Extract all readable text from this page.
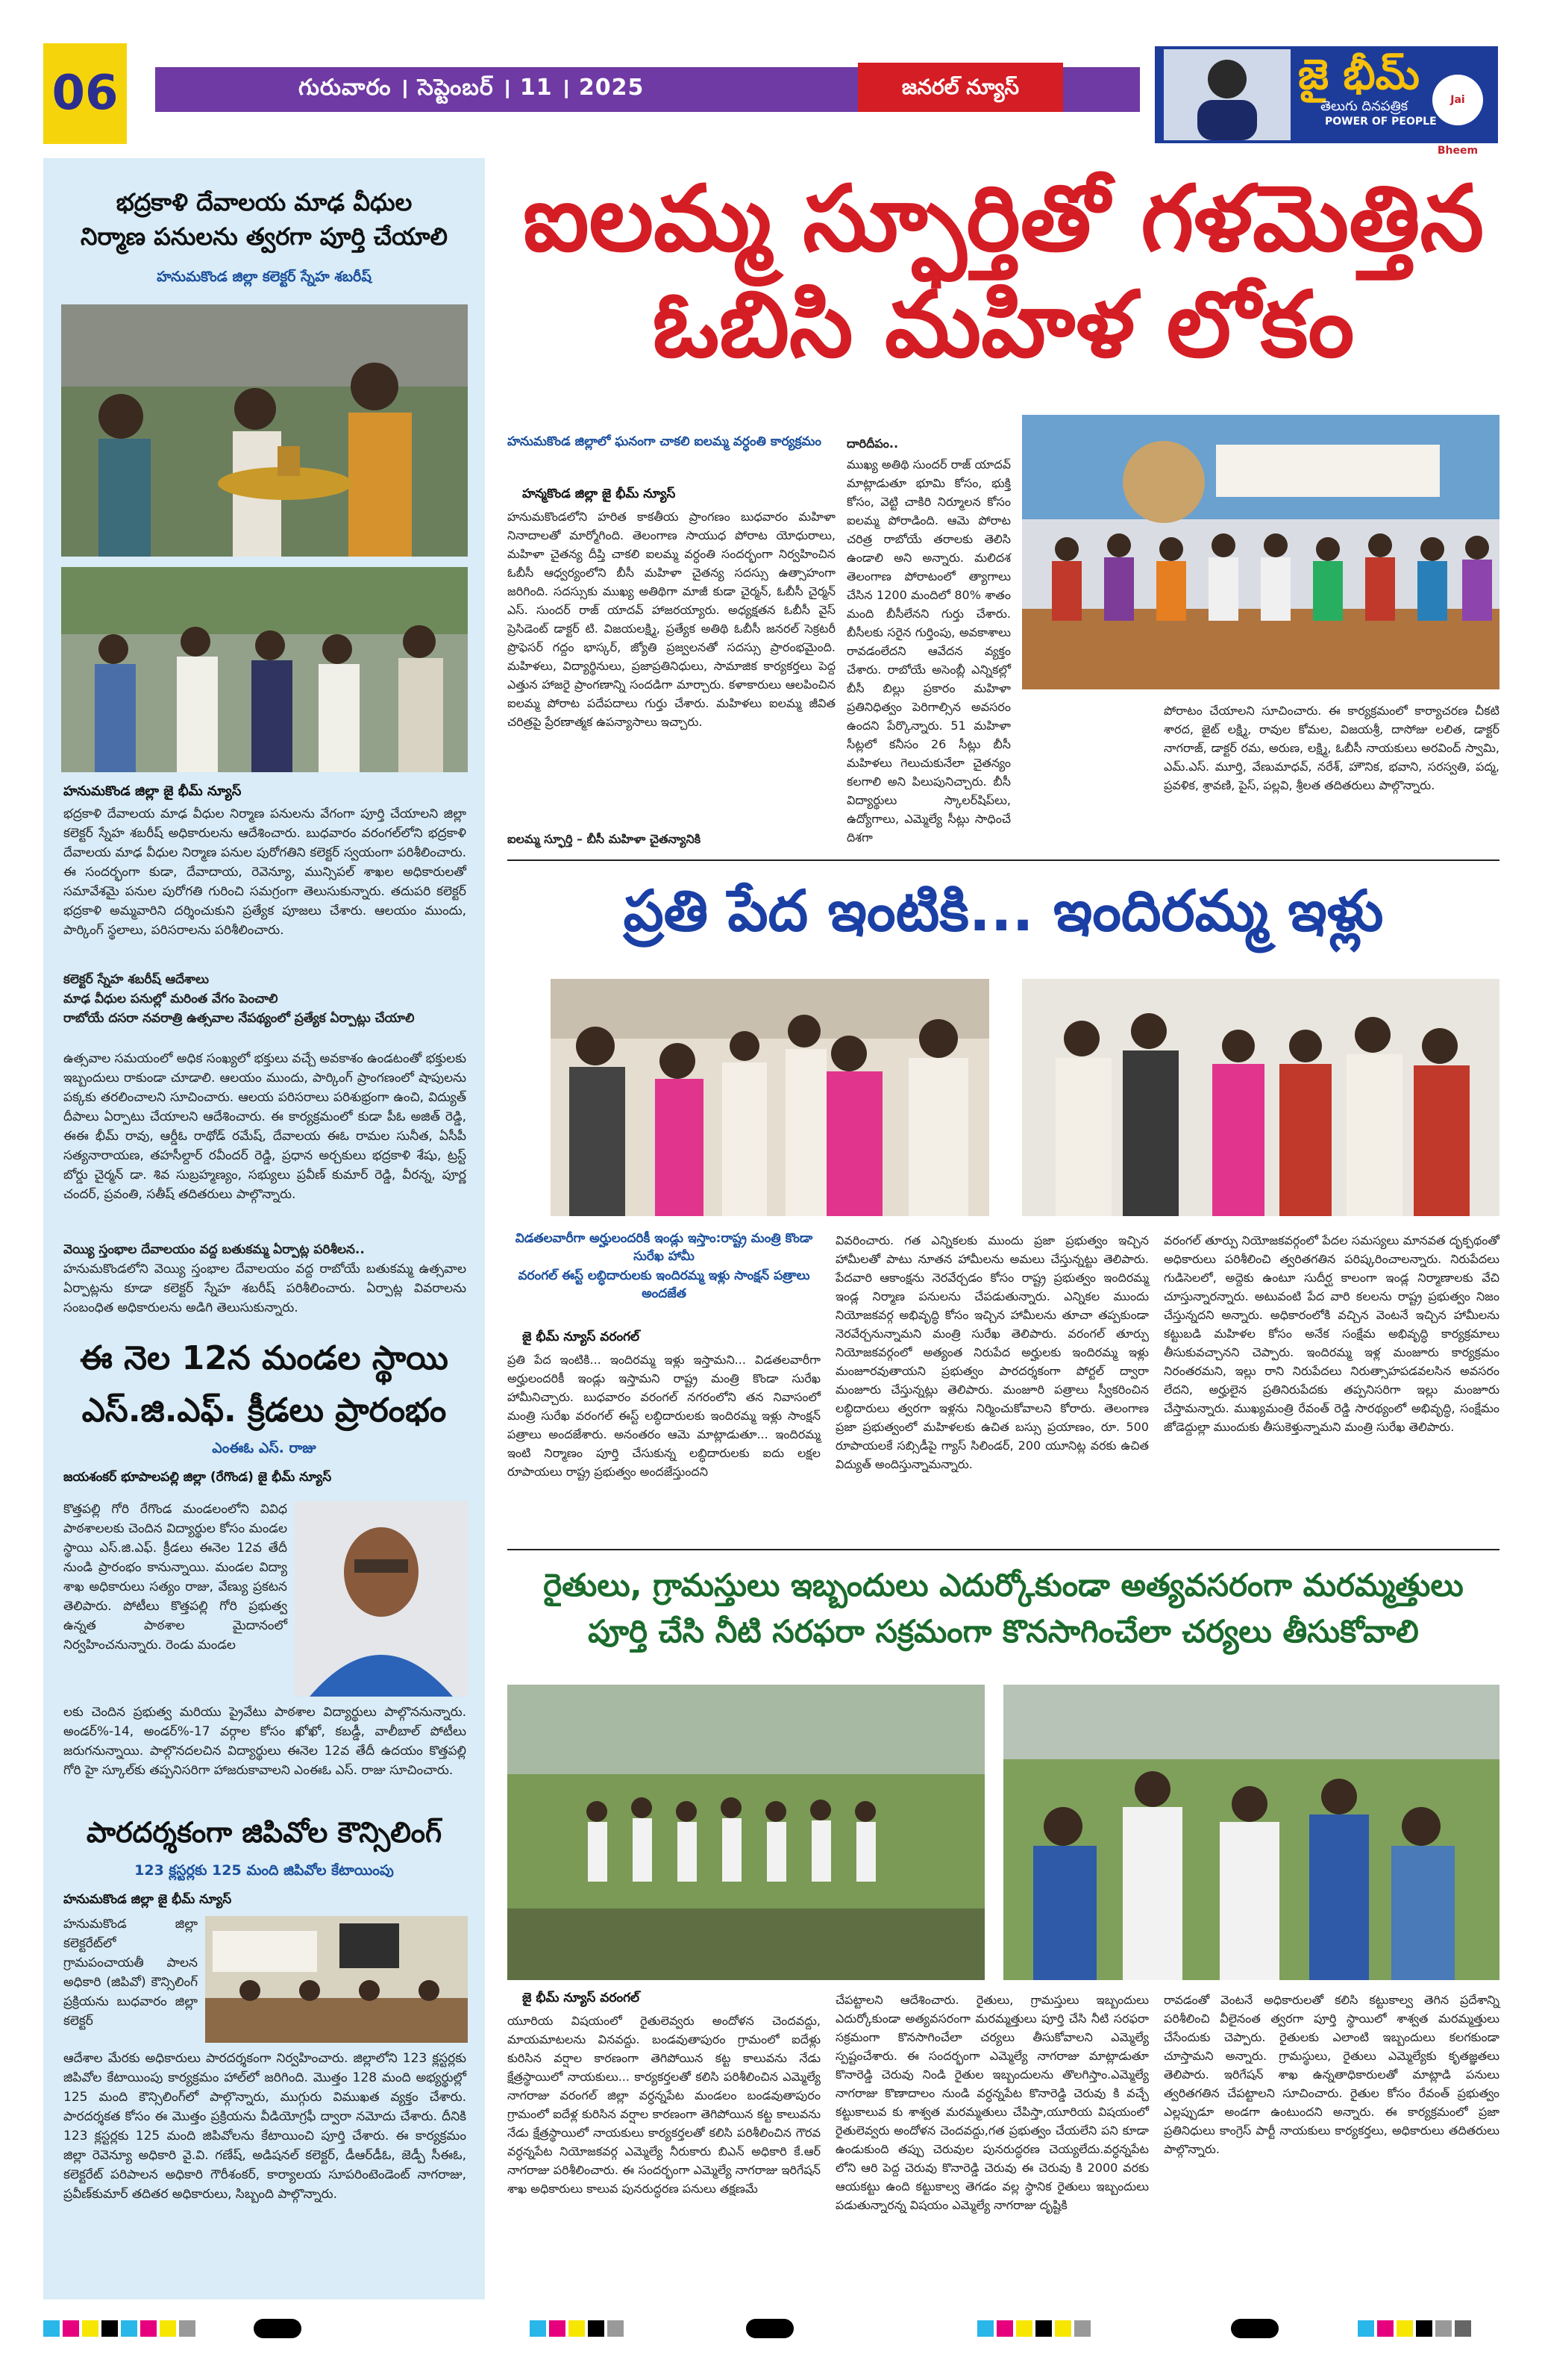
06	గురువారం । సెప్టెంబర్ । 11 । 2025	జనరల్ న్యూస్	జై భీమ్
POWER OF PEOPLE
తెలుగు దినపత్రిక	Jai Bheem
భద్రకాళి దేవాలయ మాఢ వీధుల
నిర్మాణ పనులను త్వరగా పూర్తి చేయాలి
హనుమకొండ జిల్లా కలెక్టర్ స్నేహ శబరీష్
హనుమకొండ జిల్లా జై భీమ్ న్యూస్
భద్రకాళి దేవాలయ మాఢ వీధుల నిర్మాణ పనులను వేగంగా పూర్తి చేయాలని జిల్లా కలెక్టర్ స్నేహ శబరీష్ అధికారులను ఆదేశించారు. బుధవారం వరంగల్‌లోని భద్రకాళి దేవాలయ మాఢ వీధుల నిర్మాణ పనుల పురోగతిని కలెక్టర్ స్వయంగా పరిశీలించారు. ఈ సందర్భంగా కుడా, దేవాదాయ, రెవెన్యూ, మున్సిపల్ శాఖల అధికారులతో సమావేశమై పనుల పురోగతి గురించి సమగ్రంగా తెలుసుకున్నారు. తదుపరి కలెక్టర్ భద్రకాళి అమ్మవారిని దర్శించుకుని ప్రత్యేక పూజలు చేశారు. ఆలయం ముందు, పార్కింగ్ స్థలాలు, పరిసరాలను పరిశీలించారు.
కలెక్టర్ స్నేహ శబరీష్ ఆదేశాలు
మాఢ వీధుల పనుల్లో మరింత వేగం పెంచాలి
రాబోయే దసరా నవరాత్రి ఉత్సవాల నేపథ్యంలో ప్రత్యేక ఏర్పాట్లు చేయాలి
ఉత్సవాల సమయంలో అధిక సంఖ్యలో భక్తులు వచ్చే అవకాశం ఉండటంతో భక్తులకు ఇబ్బందులు రాకుండా చూడాలి. ఆలయం ముందు, పార్కింగ్ ప్రాంగణంలో షాపులను పక్కకు తరలించాలని సూచించారు. ఆలయ పరిసరాలు పరిశుభ్రంగా ఉంచి, విద్యుత్ దీపాలు ఏర్పాటు చేయాలని ఆదేశించారు. ఈ కార్యక్రమంలో కుడా పీఓ అజిత్ రెడ్డి, ఈఈ భీమ్ రావు, ఆర్డీఓ రాథోడ్ రమేష్, దేవాలయ ఈఓ రామల సునీత, ఏసీపీ సత్యనారాయణ, తహసీల్దార్ రవీందర్ రెడ్డి, ప్రధాన అర్చకులు భద్రకాళి శేషు, ట్రస్ట్ బోర్డు చైర్మన్ డా. శివ సుబ్రహ్మణ్యం, సభ్యులు ప్రవీణ్ కుమార్ రెడ్డి, వీరన్న, పూర్ణ చందర్, ప్రవంతి, సతీష్ తదితరులు పాల్గొన్నారు.
వెయ్యి స్తంభాల దేవాలయం వద్ద బతుకమ్మ ఏర్పాట్ల పరిశీలన..
హనుమకొండలోని వెయ్యి స్తంభాల దేవాలయం వద్ద రాబోయే బతుకమ్మ ఉత్సవాల ఏర్పాట్లను కూడా కలెక్టర్ స్నేహ శబరీష్ పరిశీలించారు. ఏర్పాట్ల వివరాలను సంబంధిత అధికారులను అడిగి తెలుసుకున్నారు.
ఈ నెల 12న మండల స్థాయి
ఎస్.జి.ఎఫ్. క్రీడలు ప్రారంభం
ఎంఈఓ ఎస్. రాజు
జయశంకర్ భూపాలపల్లి జిల్లా (రేగొండ) జై భీమ్ న్యూస్
కొత్తపల్లి గోరి రేగొండ మండలంలోని వివిధ పాఠశాలలకు చెందిన విద్యార్థుల కోసం మండల స్థాయి ఎస్.జి.ఎఫ్. క్రీడలు ఈనెల 12వ తేదీ నుండి ప్రారంభం కానున్నాయి. మండల విద్యా శాఖ అధికారులు సత్యం రాజు, వేణ్యు ప్రకటన తెలిపారు. పోటీలు కొత్తపల్లి గోరి ప్రభుత్వ ఉన్నత పాఠశాల మైదానంలో నిర్వహించనున్నారు. రెండు మండల
లకు చెందిన ప్రభుత్వ మరియు ప్రైవేటు పాఠశాల విద్యార్థులు పాల్గొననున్నారు. అండర్%-14, అండర్%-17 వర్గాల కోసం ఖోఖో, కబడ్డీ, వాలీబాల్ పోటీలు జరుగనున్నాయి. పాల్గొనదలచిన విద్యార్థులు ఈనెల 12వ తేదీ ఉదయం కొత్తపల్లి గోరి హై స్కూల్‌కు తప్పనిసరిగా హాజరుకావాలని ఎంఈఓ ఎస్. రాజు సూచించారు.
పారదర్శకంగా జిపివోల కౌన్సిలింగ్
123 క్లస్టర్లకు 125 మంది జిపివోల కేటాయింపు
హనుమకొండ జిల్లా జై భీమ్ న్యూస్
హనుమకొండ జిల్లా కలెక్టరేట్‌లో గ్రామపంచాయతీ పాలన అధికారి (జిపివో) కౌన్సిలింగ్ ప్రక్రియను బుధవారం జిల్లా కలెక్టర్
ఆదేశాల మేరకు అధికారులు పారదర్శకంగా నిర్వహించారు. జిల్లాలోని 123 క్లస్టర్లకు జిపివోల కేటాయింపు కార్యక్రమం హాల్‌లో జరిగింది. మొత్తం 128 మంది అభ్యర్థుల్లో 125 మంది కౌన్సిలింగ్‌లో పాల్గొన్నారు, ముగ్గురు విముఖత వ్యక్తం చేశారు. పారదర్శకత కోసం ఈ మొత్తం ప్రక్రియను వీడియోగ్రఫీ ద్వారా నమోదు చేశారు. దీనికి 123 క్లస్టర్లకు 125 మంది జిపివోలను కేటాయించి పూర్తి చేశారు. ఈ కార్యక్రమం జిల్లా రెవెన్యూ అధికారి వై.వి. గణేష్, అడిషనల్ కలెక్టర్, డీఆర్‌డీఓ, జెడ్పీ సీఈఓ, కలెక్టరేట్ పరిపాలన అధికారి గౌరీశంకర్, కార్యాలయ సూపరింటెండెంట్ నాగరాజు, ప్రవీణ్‌కుమార్ తదితర అధికారులు, సిబ్బంది పాల్గొన్నారు.
ఐలమ్మ స్ఫూర్తితో గళమెత్తిన
ఓబిసి మహిళ లోకం
హనుమకొండ జిల్లాలో ఘనంగా చాకలి ఐలమ్మ వర్ధంతి కార్యక్రమం
హన్మకొండ జిల్లా జై భీమ్ న్యూస్
హనుమకొండలోని హరిత కాకతీయ ప్రాంగణం బుధవారం మహిళా నినాదాలతో మార్మోగింది. తెలంగాణ సాయుధ పోరాట యోధురాలు, మహిళా చైతన్య దీప్తి చాకలి ఐలమ్మ వర్ధంతి సందర్భంగా నిర్వహించిన ఓబీసీ ఆధ్వర్యంలోని బీసీ మహిళా చైతన్య సదస్సు ఉత్సాహంగా జరిగింది. సదస్సుకు ముఖ్య అతిథిగా మాజీ కుడా చైర్మన్, ఓబీసీ చైర్మన్ ఎస్. సుందర్ రాజ్ యాదవ్ హాజరయ్యారు. అధ్యక్షతన ఓబీసీ వైస్ ప్రెసిడెంట్ డాక్టర్ టి. విజయలక్ష్మి, ప్రత్యేక అతిథి ఓబీసీ జనరల్ సెక్రటరీ ప్రొఫెసర్ గద్దం భాస్కర్, జ్యోతి ప్రజ్వలనతో సదస్సు ప్రారంభమైంది. మహిళలు, విద్యార్థినులు, ప్రజాప్రతినిధులు, సామాజిక కార్యకర్తలు పెద్ద ఎత్తున హాజరై ప్రాంగణాన్ని సందడిగా మార్చారు. కళాకారులు ఆలపించిన ఐలమ్మ పోరాట పదేపదాలు గుర్తు చేశారు. మహిళలు ఐలమ్మ జీవిత చరిత్రపై ప్రేరణాత్మక ఉపన్యాసాలు ఇచ్చారు.
ఐలమ్మ స్ఫూర్తి – బీసీ మహిళా చైతన్యానికి
దారిదీపం..
ముఖ్య అతిథి సుందర్ రాజ్ యాదవ్ మాట్లాడుతూ భూమి కోసం, భుక్తి కోసం, వెట్టి చాకిరి నిర్మూలన కోసం ఐలమ్మ పోరాడింది. ఆమె పోరాట చరిత్ర రాబోయే తరాలకు తెలిసి ఉండాలి అని అన్నారు. మలిదశ తెలంగాణ పోరాటంలో త్యాగాలు చేసిన 1200 మందిలో 80% శాతం మంది బీసీలేనని గుర్తు చేశారు. బీసీలకు సరైన గుర్తింపు, అవకాశాలు రావడంలేదని ఆవేదన వ్యక్తం చేశారు. రాబోయే అసెంబ్లీ ఎన్నికల్లో బీసీ బిల్లు ప్రకారం మహిళా ప్రతినిధిత్వం పెరిగాల్సిన అవసరం ఉందని పేర్కొన్నారు. 51 మహిళా సీట్లలో కనీసం 26 సీట్లు బీసీ మహిళలు గెలుచుకునేలా చైతన్యం కలగాలి అని పిలుపునిచ్చారు. బీసీ విద్యార్థులు స్కాలర్‌షిప్‌లు, ఉద్యోగాలు, ఎమ్మెల్యే సీట్లు సాధించే దిశగా
పోరాటం చేయాలని సూచించారు. ఈ కార్యక్రమంలో కార్యాచరణ చీకటి శారద, జైట్ లక్ష్మి, రావుల కోమల, విజయశ్రీ, దాసోజు లలిత, డాక్టర్ నాగరాజ్, డాక్టర్ రమ, అరుణ, లక్ష్మి, ఓబీసీ నాయకులు అరవింద్ స్వామి, ఎమ్.ఎస్. మూర్తి, వేణుమాధవ్, నరేశ్, హౌనిక, భవాని, సరస్వతి, పద్మ, ప్రవళిక, శ్రావణి, పైస్, పల్లవి, శ్రీలత తదితరులు పాల్గొన్నారు.
ప్రతి పేద ఇంటికి... ఇందిరమ్మ ఇళ్లు
విడతలవారీగా అర్హులందరికీ ఇండ్లు ఇస్తాం:రాష్ట్ర మంత్రి కొండా సురేఖ హామీ
వరంగల్ ఈస్ట్ లబ్ధిదారులకు ఇందిరమ్మ ఇళ్లు సాంక్షన్ పత్రాలు అందజేత
జై భీమ్ న్యూస్ వరంగల్
ప్రతి పేద ఇంటికి... ఇందిరమ్మ ఇళ్లు ఇస్తామని... విడతలవారీగా అర్హులందరికీ ఇండ్లు ఇస్తామని రాష్ట్ర మంత్రి కొండా సురేఖ హామీనిచ్చారు. బుధవారం వరంగల్ నగరంలోని తన నివాసంలో మంత్రి సురేఖ వరంగల్ ఈస్ట్ లబ్ధిదారులకు ఇందిరమ్మ ఇళ్లు సాంక్షన్ పత్రాలు అందజేశారు. అనంతరం ఆమె మాట్లాడుతూ... ఇందిరమ్మ ఇంటి నిర్మాణం పూర్తి చేసుకున్న లబ్ధిదారులకు ఐదు లక్షల రూపాయలు రాష్ట్ర ప్రభుత్వం అందజేస్తుందని
వివరించారు. గత ఎన్నికలకు ముందు ప్రజా ప్రభుత్వం ఇచ్చిన హామీలతో పాటు నూతన హామీలను అమలు చేస్తున్నట్టు తెలిపారు. పేదవారి ఆకాంక్షను నెరవేర్చడం కోసం రాష్ట్ర ప్రభుత్వం ఇందిరమ్మ ఇండ్ల నిర్మాణ పనులను చేపడుతున్నారు. ఎన్నికల ముందు నియోజకవర్గ అభివృద్ధి కోసం ఇచ్చిన హామీలను తూచా తప్పకుండా నెరవేర్చనున్నామని మంత్రి సురేఖ తెలిపారు. వరంగల్ తూర్పు నియోజకవర్గంలో అత్యంత నిరుపేద అర్హులకు ఇందిరమ్మ ఇళ్లు మంజూరవుతాయని ప్రభుత్వం పారదర్శకంగా పోర్టల్ ద్వారా మంజూరు చేస్తున్నట్లు తెలిపారు. మంజూరి పత్రాలు స్వీకరించిన లబ్ధిదారులు త్వరగా ఇళ్లను నిర్మించుకోవాలని కోరారు. తెలంగాణ ప్రజా ప్రభుత్వంలో మహిళలకు ఉచిత బస్సు ప్రయాణం, రూ. 500 రూపాయలకే సబ్సిడీపై గ్యాస్ సిలిండర్, 200 యూనిట్ల వరకు ఉచిత విద్యుత్ అందిస్తున్నామన్నారు.
వరంగల్ తూర్పు నియోజకవర్గంలో పేదల సమస్యలు మానవత దృక్పథంతో అధికారులు పరిశీలించి త్వరితగతిన పరిష్కరించాలన్నారు. నిరుపేదలు గుడిసెలలో, అద్దెకు ఉంటూ సుదీర్ఘ కాలంగా ఇండ్ల నిర్మాణాలకు వేచి చూస్తున్నారన్నారు. అటువంటి పేద వారి కలలను రాష్ట్ర ప్రభుత్వం నిజం చేస్తున్నదని అన్నారు. అధికారంలోకి వచ్చిన వెంటనే ఇచ్చిన హామీలను కట్టుబడి మహిళల కోసం అనేక సంక్షేమ అభివృద్ధి కార్యక్రమాలు తీసుకువచ్చానని చెప్పారు. ఇందిరమ్మ ఇళ్ల మంజూరు కార్యక్రమం నిరంతరమని, ఇల్లు రాని నిరుపేదలు నిరుత్సాహపడవలసిన అవసరం లేదని, అర్హులైన ప్రతినిరుపేదకు తప్పనిసరిగా ఇల్లు మంజూరు చేస్తామన్నారు. ముఖ్యమంత్రి రేవంత్ రెడ్డి సారథ్యంలో అభివృద్ధి, సంక్షేమం జోడెద్దుల్లా ముందుకు తీసుకెళ్తున్నామని మంత్రి సురేఖ తెలిపారు.
రైతులు, గ్రామస్తులు ఇబ్బందులు ఎదుర్కోకుండా అత్యవసరంగా మరమ్మత్తులు
పూర్తి చేసి నీటి సరఫరా సక్రమంగా కొనసాగించేలా చర్యలు తీసుకోవాలి
జై భీమ్ న్యూస్ వరంగల్
యూరియ విషయంలో రైతులెవ్వరు అందోళన చెందవద్దు, మాయమాటలను వినవద్దు. బండవుతాపురం గ్రామంలో ఐదేళ్లు కురిసిన వర్షాల కారణంగా తెగిపోయిన కట్ట కాలువను నేడు క్షేత్రస్థాయిలో నాయకులు... కార్యకర్తలతో కలిసి పరిశీలించిన ఎమ్మెల్యే నాగరాజు వరంగల్ జిల్లా వర్ధన్నపేట మండలం బండవుతాపురం గ్రామంలో ఐదేళ్ల కురిసిన వర్షాల కారణంగా తెగిపోయిన కట్ట కాలువను నేడు క్షేత్రస్థాయిలో నాయకులు కార్యకర్తలతో కలిసి పరిశీలించిన గౌరవ వర్ధన్నపేట నియోజకవర్గ ఎమ్మెల్యే నీరుకారు బిఎన్‌ అధికారి కే.ఆర్ నాగరాజు పరిశీలించారు. ఈ సందర్భంగా ఎమ్మెల్యే నాగరాజు ఇరిగేషన్ శాఖ అధికారులు కాలువ పునరుద్ధరణ పనులు తక్షణమే
చేపట్టాలని ఆదేశించారు. రైతులు, గ్రామస్తులు ఇబ్బందులు ఎదుర్కోకుండా అత్యవసరంగా మరమ్మత్తులు పూర్తి చేసి నీటి సరఫరా సక్రమంగా కొనసాగించేలా చర్యలు తీసుకోవాలని ఎమ్మెల్యే స్పష్టంచేశారు. ఈ సందర్భంగా ఎమ్మెల్యే నాగరాజు మాట్లాడుతూ కొనారెడ్డి చెరువు నిండి రైతుల ఇబ్బందులను తొలగిస్తాం.ఎమ్మెల్యే నాగరాజు కొణాదాలం నుండి వర్ధన్నపేట కొనారెడ్డి చెరువు కి వచ్చే కట్టుకాలువ కు శాశ్వత మరమ్మతులు చేపిస్తా,యూరియ విషయంలో రైతులెవ్వరు అందోళన చెందవద్దు,గత ప్రభుత్వం చేయలేని పని కూడా ఉండుకుంది తప్పు చెరువుల పునరుద్ధరణ చెయ్యలేదు.వర్ధన్నపేట లోని ఆరి పెద్ద చెరువు కొనారెడ్డి చెరువు ఈ చెరువు కి 2000 వరకు ఆయకట్టు ఉంది కట్టుకాల్వ తెగడం వల్ల స్థానిక రైతులు ఇబ్బందులు పడుతున్నారన్న విషయం ఎమ్మెల్యే నాగరాజు దృష్టికి
రావడంతో వెంటనే అధికారులతో కలిసి కట్టుకాల్వ తెగిన ప్రదేశాన్ని పరిశీలించి వీలైనంత త్వరగా పూర్తి స్థాయిలో శాశ్వత మరమ్మత్తులు చేసేందుకు చెప్పారు. రైతులకు ఎలాంటి ఇబ్బందులు కలగకుండా చూస్తామని అన్నారు. గ్రామస్థులు, రైతులు ఎమ్మెల్యేకు కృతజ్ఞతలు తెలిపారు. ఇరిగేషన్ శాఖ ఉన్నతాధికారులతో మాట్లాడి పనులు త్వరితగతిన చేపట్టాలని సూచించారు. రైతుల కోసం రేవంత్ ప్రభుత్వం ఎల్లప్పుడూ అండగా ఉంటుందని అన్నారు. ఈ కార్యక్రమంలో ప్రజా ప్రతినిధులు కాంగ్రెస్ పార్టీ నాయకులు కార్యకర్తలు, అధికారులు తదితరులు పాల్గొన్నారు.
